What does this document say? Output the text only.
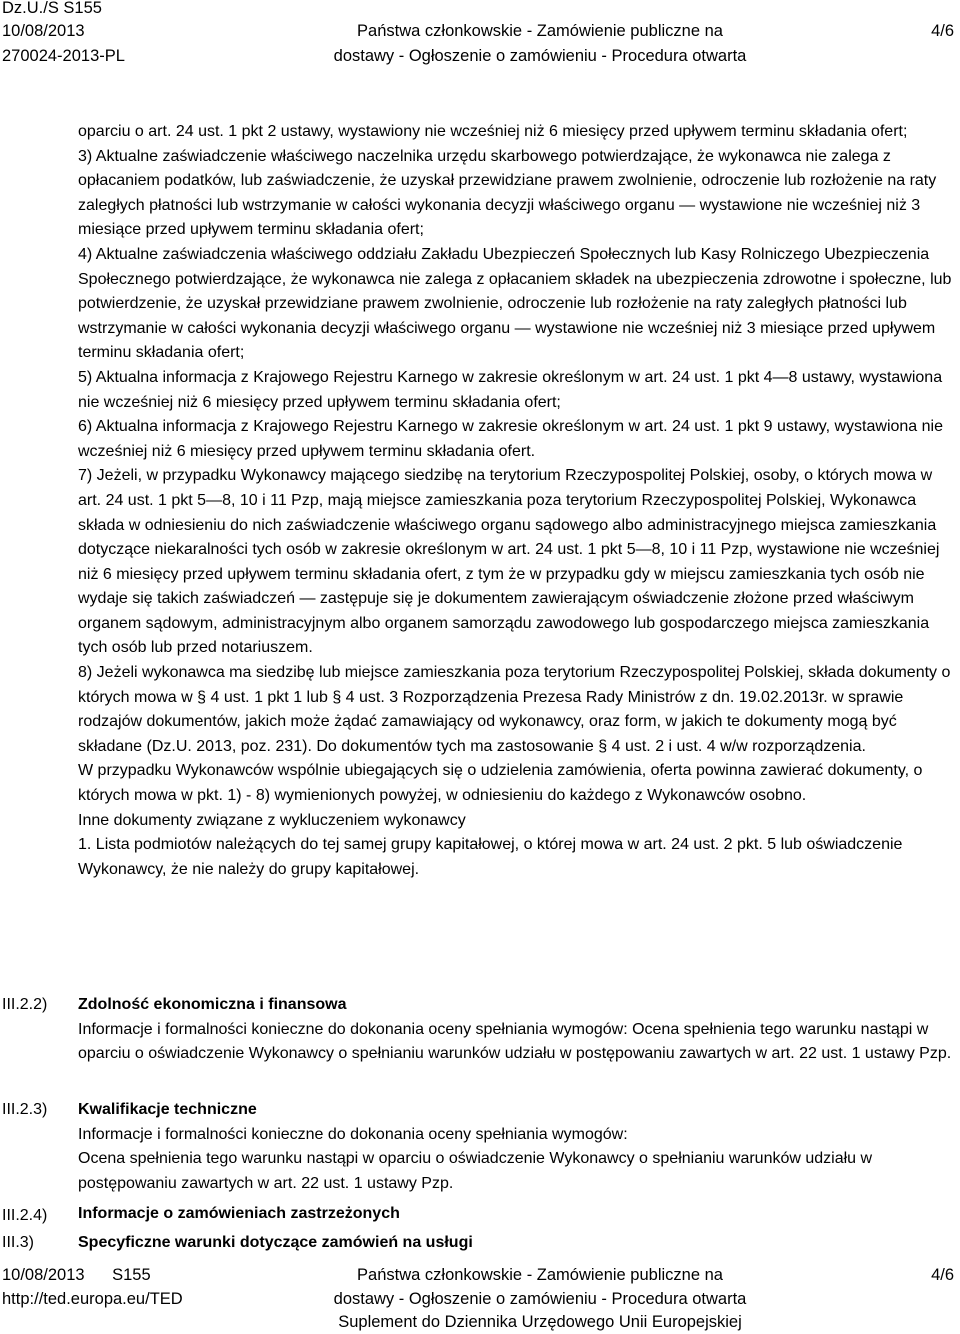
Dz.U./S S155
10/08/2013
270024-2013-PL
Państwa członkowskie - Zamówienie publiczne na
dostawy - Ogłoszenie o zamówieniu - Procedura otwarta
4/6

oparciu o art. 24 ust. 1 pkt 2 ustawy, wystawiony nie wcześniej niż 6 miesięcy przed upływem terminu składania ofert;

3) Aktualne zaświadczenie właściwego naczelnika urzędu skarbowego potwierdzające, że wykonawca nie zalega z opłacaniem podatków, lub zaświadczenie, że uzyskał przewidziane prawem zwolnienie, odroczenie lub rozłożenie na raty zaległych płatności lub wstrzymanie w całości wykonania decyzji właściwego organu — wystawione nie wcześniej niż 3 miesiące przed upływem terminu składania ofert;

4) Aktualne zaświadczenia właściwego oddziału Zakładu Ubezpieczeń Społecznych lub Kasy Rolniczego Ubezpieczenia Społecznego potwierdzające, że wykonawca nie zalega z opłacaniem składek na ubezpieczenia zdrowotne i społeczne, lub potwierdzenie, że uzyskał przewidziane prawem zwolnienie, odroczenie lub rozłożenie na raty zaległych płatności lub wstrzymanie w całości wykonania decyzji właściwego organu — wystawione nie wcześniej niż 3 miesiące przed upływem terminu składania ofert;

5) Aktualna informacja z Krajowego Rejestru Karnego w zakresie określonym w art. 24 ust. 1 pkt 4—8 ustawy, wystawiona nie wcześniej niż 6 miesięcy przed upływem terminu składania ofert;

6) Aktualna informacja z Krajowego Rejestru Karnego w zakresie określonym w art. 24 ust. 1 pkt 9 ustawy, wystawiona nie wcześniej niż 6 miesięcy przed upływem terminu składania ofert.

7) Jeżeli, w przypadku Wykonawcy mającego siedzibę na terytorium Rzeczypospolitej Polskiej, osoby, o których mowa w art. 24 ust. 1 pkt 5—8, 10 i 11 Pzp, mają miejsce zamieszkania poza terytorium Rzeczypospolitej Polskiej, Wykonawca składa w odniesieniu do nich zaświadczenie właściwego organu sądowego albo administracyjnego miejsca zamieszkania dotyczące niekaralności tych osób w zakresie określonym w art. 24 ust. 1 pkt 5—8, 10 i 11 Pzp, wystawione nie wcześniej niż 6 miesięcy przed upływem terminu składania ofert, z tym że w przypadku gdy w miejscu zamieszkania tych osób nie wydaje się takich zaświadczeń — zastępuje się je dokumentem zawierającym oświadczenie złożone przed właściwym organem sądowym, administracyjnym albo organem samorządu zawodowego lub gospodarczego miejsca zamieszkania tych osób lub przed notariuszem.

8) Jeżeli wykonawca ma siedzibę lub miejsce zamieszkania poza terytorium Rzeczypospolitej Polskiej, składa dokumenty o których mowa w § 4 ust. 1 pkt 1 lub § 4 ust. 3 Rozporządzenia Prezesa Rady Ministrów z dn. 19.02.2013r. w sprawie rodzajów dokumentów, jakich może żądać zamawiający od wykonawcy, oraz form, w jakich te dokumenty mogą być składane (Dz.U. 2013, poz. 231). Do dokumentów tych ma zastosowanie § 4 ust. 2 i ust. 4 w/w rozporządzenia.

W przypadku Wykonawców wspólnie ubiegających się o udzielenia zamówienia, oferta powinna zawierać dokumenty, o których mowa w pkt. 1) - 8) wymienionych powyżej, w odniesieniu do każdego z Wykonawców osobno.

Inne dokumenty związane z wykluczeniem wykonawcy

1. Lista podmiotów należących do tej samej grupy kapitałowej, o której mowa w art. 24 ust. 2 pkt. 5 lub oświadczenie Wykonawcy, że nie należy do grupy kapitałowej.

III.2.2) Zdolność ekonomiczna i finansowa

Informacje i formalności konieczne do dokonania oceny spełniania wymogów: Ocena spełnienia tego warunku nastąpi w oparciu o oświadczenie Wykonawcy o spełnianiu warunków udziału w postępowaniu zawartych w art. 22 ust. 1 ustawy Pzp.

III.2.3) Kwalifikacje techniczne

Informacje i formalności konieczne do dokonania oceny spełniania wymogów:

Ocena spełnienia tego warunku nastąpi w oparciu o oświadczenie Wykonawcy o spełnianiu warunków udziału w postępowaniu zawartych w art. 22 ust. 1 ustawy Pzp.

III.2.4) Informacje o zamówieniach zastrzeżonych

III.3)	Specyficzne warunki dotyczące zamówień na usługi

10/08/2013      S155
http://ted.europa.eu/TED
Państwa członkowskie - Zamówienie publiczne na
dostawy - Ogłoszenie o zamówieniu - Procedura otwarta
Suplement do Dziennika Urzędowego Unii Europejskiej
4/6
